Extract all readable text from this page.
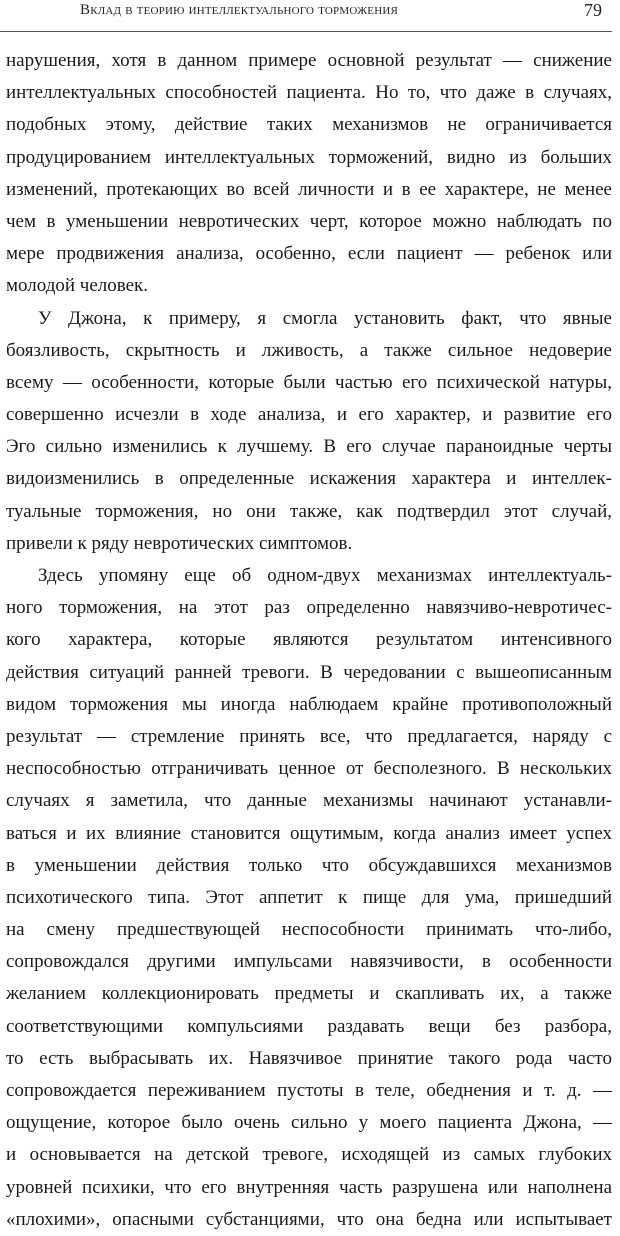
Вклад в теорию интеллектуального торможения	79
нарушения, хотя в данном примере основной результат — снижение
интеллектуальных способностей пациента. Но то, что даже в случаях,
подобных этому, действие таких механизмов не ограничивается
продуцированием интеллектуальных торможений, видно из больших
изменений, протекающих во всей личности и в ее характере, не менее
чем в уменьшении невротических черт, которое можно наблюдать по
мере продвижения анализа, особенно, если пациент — ребенок или
молодой человек.
У Джона, к примеру, я смогла установить факт, что явные
боязливость, скрытность и лживость, а также сильное недоверие
всему — особенности, которые были частью его психической натуры,
совершенно исчезли в ходе анализа, и его характер, и развитие его
Эго сильно изменились к лучшему. В его случае параноидные черты
видоизменились в определенные искажения характера и интеллек-
туальные торможения, но они также, как подтвердил этот случай,
привели к ряду невротических симптомов.
Здесь упомяну еще об одном-двух механизмах интеллектуаль-
ного торможения, на этот раз определенно навязчиво-невротичес-
кого характера, которые являются результатом интенсивного
действия ситуаций ранней тревоги. В чередовании с вышеописанным
видом торможения мы иногда наблюдаем крайне противоположный
результат — стремление принять все, что предлагается, наряду с
неспособностью отграничивать ценное от бесполезного. В нескольких
случаях я заметила, что данные механизмы начинают устанавли-
ваться и их влияние становится ощутимым, когда анализ имеет успех
в уменьшении действия только что обсуждавшихся механизмов
психотического типа. Этот аппетит к пище для ума, пришедший
на смену предшествующей неспособности принимать что-либо,
сопровождался другими импульсами навязчивости, в особенности
желанием коллекционировать предметы и скапливать их, а также
соответствующими компульсиями раздавать вещи без разбора,
то есть выбрасывать их. Навязчивое принятие такого рода часто
сопровождается переживанием пустоты в теле, обеднения и т. д. —
ощущение, которое было очень сильно у моего пациента Джона, —
и основывается на детской тревоге, исходящей из самых глубоких
уровней психики, что его внутренняя часть разрушена или наполнена
«плохими», опасными субстанциями, что она бедна или испытывает
